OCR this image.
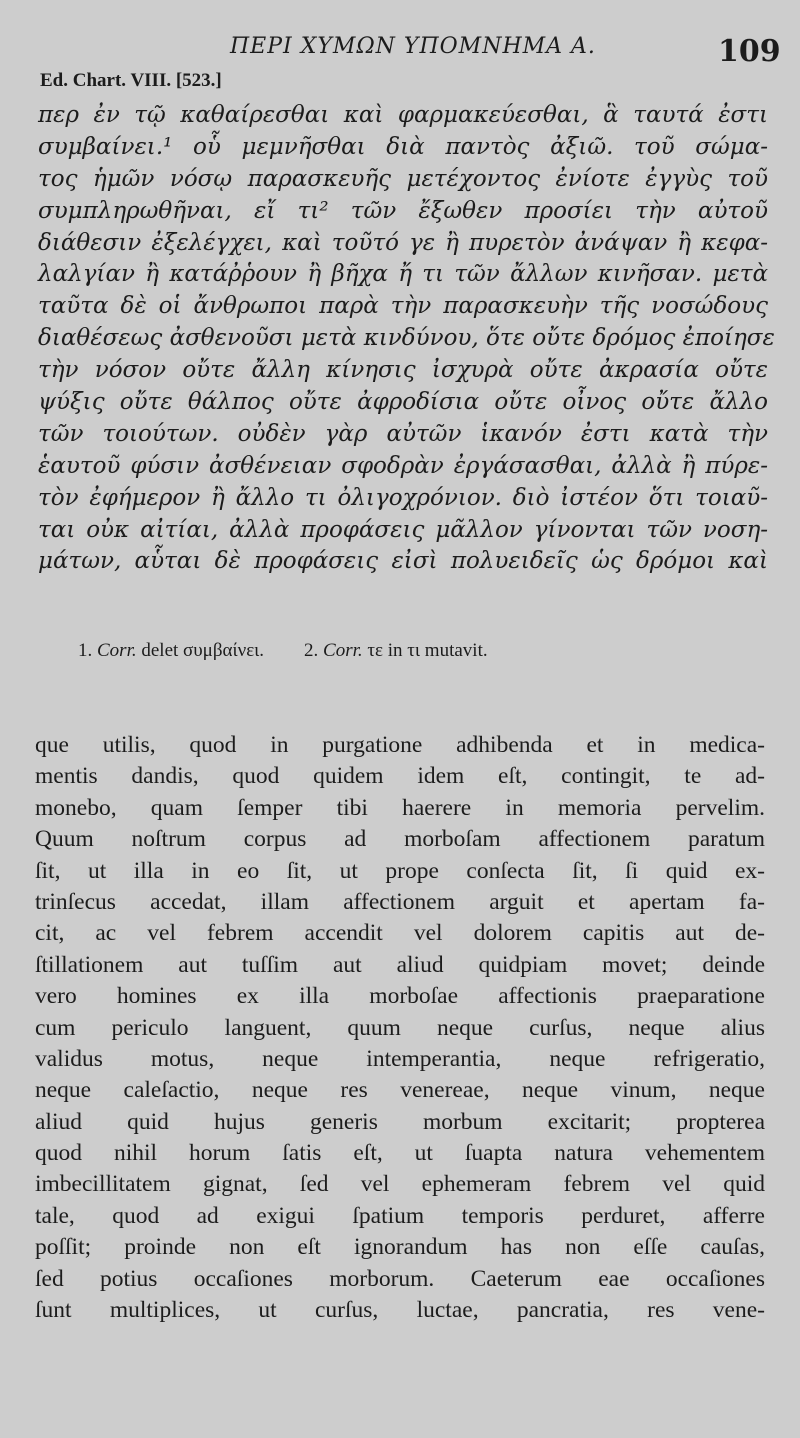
ΠΕΡΙ ΧΥΜΩΝ ΥΠΟΜΝΗΜΑ Α.	109
Ed. Chart. VIII. [523.]
περ ἐν τῷ καθαίρεσθαι καὶ φαρμακεύεσθαι, ἃ ταυτά ἐστι
συμβαίνει.¹ οὗ μεμνῆσθαι διὰ παντὸς ἀξιῶ. τοῦ σώμα-
τος ἡμῶν νόσῳ παρασκευῆς μετέχοντος ἐνίοτε ἐγγὺς τοῦ
συμπληρωθῆναι, εἴ τι² τῶν ἔξωθεν προσίει τὴν αὐτοῦ
διάθεσιν ἐξελέγχει, καὶ τοῦτό γε ἢ πυρετὸν ἀνάψαν ἢ κεφα-
λαλγίαν ἢ κατάῤῥουν ἢ βῆχα ἤ τι τῶν ἄλλων κινῆσαν. μετὰ
ταῦτα δὲ οἱ ἄνθρωποι παρὰ τὴν παρασκευὴν τῆς νοσώδους
διαθέσεως ἀσθενοῦσι μετὰ κινδύνου, ὅτε οὔτε δρόμος ἐποίησε
τὴν νόσον οὔτε ἄλλη κίνησις ἰσχυρὰ οὔτε ἀκρασία οὔτε
ψύξις οὔτε θάλπος οὔτε ἀφροδίσια οὔτε οἶνος οὔτε ἄλλο
τῶν τοιούτων. οὐδὲν γὰρ αὐτῶν ἱκανόν ἐστι κατὰ τὴν
ἑαυτοῦ φύσιν ἀσθένειαν σφοδρὰν ἐργάσασθαι, ἀλλὰ ἢ πύρε-
τὸν ἐφήμερον ἢ ἄλλο τι ὀλιγοχρόνιον. διὸ ἰστέον ὅτι τοιαῦ-
ται οὐκ αἰτίαι, ἀλλὰ προφάσεις μᾶλλον γίνονται τῶν νοση-
μάτων, αὗται δὲ προφάσεις εἰσὶ πολυειδεῖς ὡς δρόμοι καὶ
1. Corr. delet συμβαίνει. 2. Corr. τε in τι mutavit.
que utilis, quod in purgatione adhibenda et in medica-
mentis dandis, quod quidem idem eſt, contingit, te ad-
monebo, quam ſemper tibi haerere in memoria pervelim.
Quum noſtrum corpus ad morboſam affectionem paratum
ſit, ut illa in eo ſit, ut prope conſecta ſit, ſi quid ex-
trinſecus accedat, illam affectionem arguit et apertam fa-
cit, ac vel febrem accendit vel dolorem capitis aut de-
ſtillationem aut tuſſim aut aliud quidpiam movet; deinde
vero homines ex illa morboſae affectionis praeparatione
cum periculo languent, quum neque curſus, neque alius
validus motus, neque intemperantia, neque refrigeratio,
neque caleſactio, neque res venereae, neque vinum, neque
aliud quid hujus generis morbum excitarit; propterea
quod nihil horum ſatis eſt, ut ſuapta natura vehementem
imbecillitatem gignat, ſed vel ephemeram febrem vel quid
tale, quod ad exigui ſpatium temporis perduret, afferre
poſſit; proinde non eſt ignorandum has non eſſe cauſas,
ſed potius occaſiones morborum. Caeterum eae occaſiones
ſunt multiplices, ut curſus, luctae, pancratia, res vene-
